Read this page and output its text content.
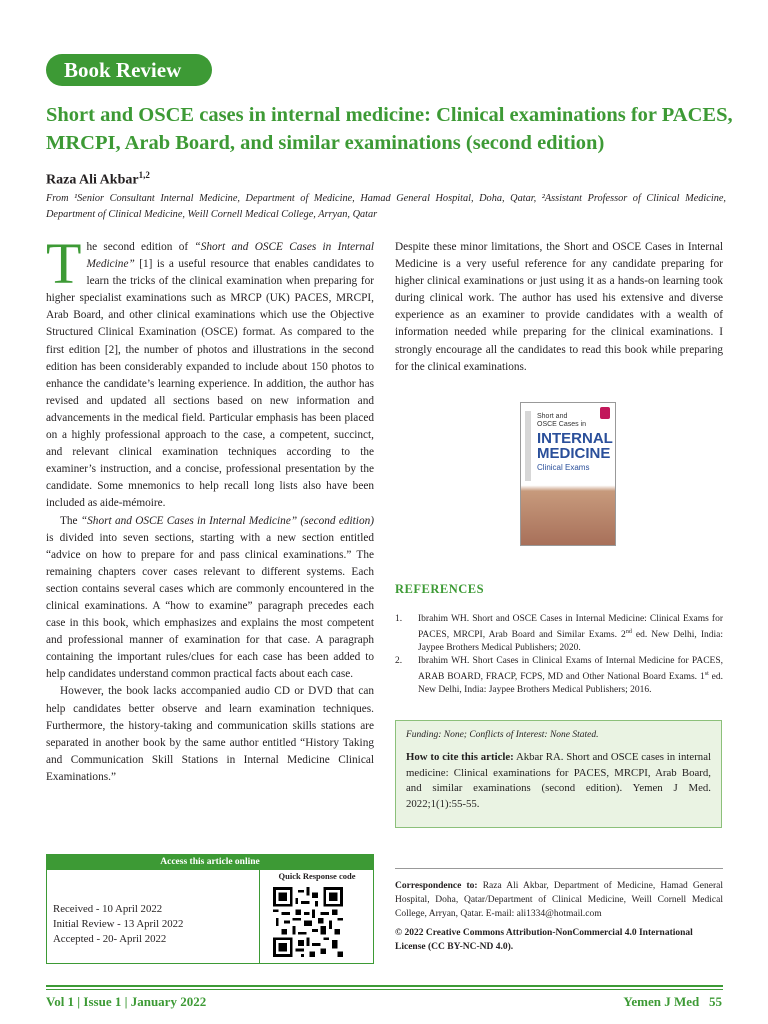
Book Review
Short and OSCE cases in internal medicine: Clinical examinations for PACES, MRCPI, Arab Board, and similar examinations (second edition)
Raza Ali Akbar$^{1,2}$
From ¹Senior Consultant Internal Medicine, Department of Medicine, Hamad General Hospital, Doha, Qatar, ²Assistant Professor of Clinical Medicine, Department of Clinical Medicine, Weill Cornell Medical College, Arryan, Qatar

The second edition of “Short and OSCE Cases in Internal Medicine” [1] is a useful resource that enables candidates to learn the tricks of the clinical examination when preparing for higher specialist examinations such as MRCP (UK) PACES, MRCPI, Arab Board, and other clinical examinations which use the Objective Structured Clinical Examination (OSCE) format. As compared to the first edition [2], the number of photos and illustrations in the second edition has been considerably expanded to include about 150 photos to enhance the candidate’s learning experience. In addition, the author has revised and updated all sections based on new information and advancements in the medical field. Particular emphasis has been placed on a highly professional approach to the case, a competent, succinct, and relevant clinical examination techniques according to the examiner’s instruction, and a concise, professional presentation by the candidate. Some mnemonics to help recall long lists also have been included as aide-mémoire.

The “Short and OSCE Cases in Internal Medicine” (second edition) is divided into seven sections, starting with a new section entitled “advice on how to prepare for and pass clinical examinations.” The remaining chapters cover cases relevant to different systems. Each section contains several cases which are commonly encountered in the clinical examinations. A “how to examine” paragraph precedes each case in this book, which emphasizes and explains the most competent and professional manner of examination for that case. A paragraph containing the important rules/clues for each case has been added to help candidates understand common practical facts about each case.

However, the book lacks accompanied audio CD or DVD that can help candidates better observe and learn examination techniques. Furthermore, the history-taking and communication skills stations are separated in another book by the same author entitled “History Taking and Communication Skill Stations in Internal Medicine Clinical Examinations.”

Despite these minor limitations, the Short and OSCE Cases in Internal Medicine is a very useful reference for any candidate preparing for higher clinical examinations or just using it as a hands-on learning took during clinical work. The author has used his extensive and diverse experience as an examiner to provide candidates with a wealth of information needed while preparing for the clinical examinations. I strongly encourage all the candidates to read this book while preparing for the clinical examinations.

Short and
OSCE Cases in
INTERNAL
MEDICINE
Clinical Exams
REFERENCES
1. Ibrahim WH. Short and OSCE Cases in Internal Medicine: Clinical Exams for PACES, MRCPI, Arab Board and Similar Exams. 2nd ed. New Delhi, India: Jaypee Brothers Medical Publishers; 2020.
2. Ibrahim WH. Short Cases in Clinical Exams of Internal Medicine for PACES, ARAB BOARD, FRACP, FCPS, MD and Other National Board Exams. 1st ed. New Delhi, India: Jaypee Brothers Medical Publishers; 2016.
Funding: None; Conflicts of Interest: None Stated.
How to cite this article: Akbar RA. Short and OSCE cases in internal medicine: Clinical examinations for PACES, MRCPI, Arab Board, and similar examinations (second edition). Yemen J Med. 2022;1(1):55-55.
Access this article online
Received - 10 April 2022
Initial Review - 13 April 2022
Accepted - 20- April 2022
Quick Response code
Correspondence to: Raza Ali Akbar, Department of Medicine, Hamad General Hospital, Doha, Qatar/Department of Clinical Medicine, Weill Cornell Medical College, Arryan, Qatar. E-mail: ali1334@hotmail.com
© 2022 Creative Commons Attribution-NonCommercial 4.0 International License (CC BY-NC-ND 4.0).
Vol 1 | Issue 1 | January 2022	Yemen J Med   55
